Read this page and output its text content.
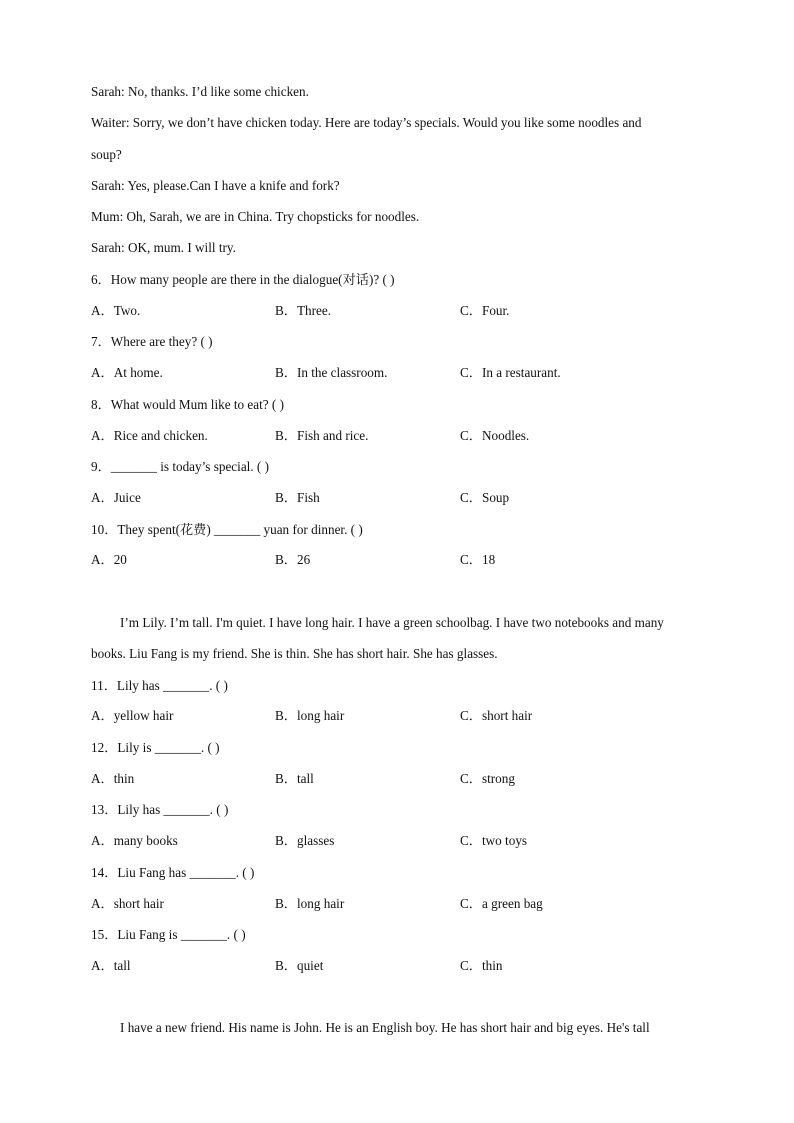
Sarah: No, thanks. I’d like some chicken.
Waiter: Sorry, we don’t have chicken today. Here are today’s specials. Would you like some noodles and
soup?
Sarah: Yes, please.Can I have a knife and fork?
Mum: Oh, Sarah, we are in China. Try chopsticks for noodles.
Sarah: OK, mum. I will try.
6．How many people are there in the dialogue(对话)? ( )
A．Two.	B．Three.	C．Four.
7．Where are they? ( )
A．At home.	B．In the classroom.	C．In a restaurant.
8．What would Mum like to eat? ( )
A．Rice and chicken.	B．Fish and rice.	C．Noodles.
9．_______ is today’s special. ( )
A．Juice	B．Fish	C．Soup
10．They spent(花费) _______ yuan for dinner. ( )
A．20	B．26	C．18
I’m Lily. I’m tall. I'm quiet. I have long hair. I have a green schoolbag. I have two notebooks and many
books. Liu Fang is my friend. She is thin. She has short hair. She has glasses.
11．Lily has _______. ( )
A．yellow hair	B．long hair	C．short hair
12．Lily is _______. ( )
A．thin	B．tall	C．strong
13．Lily has _______. ( )
A．many books	B．glasses	C．two toys
14．Liu Fang has _______. ( )
A．short hair	B．long hair	C．a green bag
15．Liu Fang is _______. ( )
A．tall	B．quiet	C．thin
I have a new friend. His name is John. He is an English boy. He has short hair and big eyes. He's tall
